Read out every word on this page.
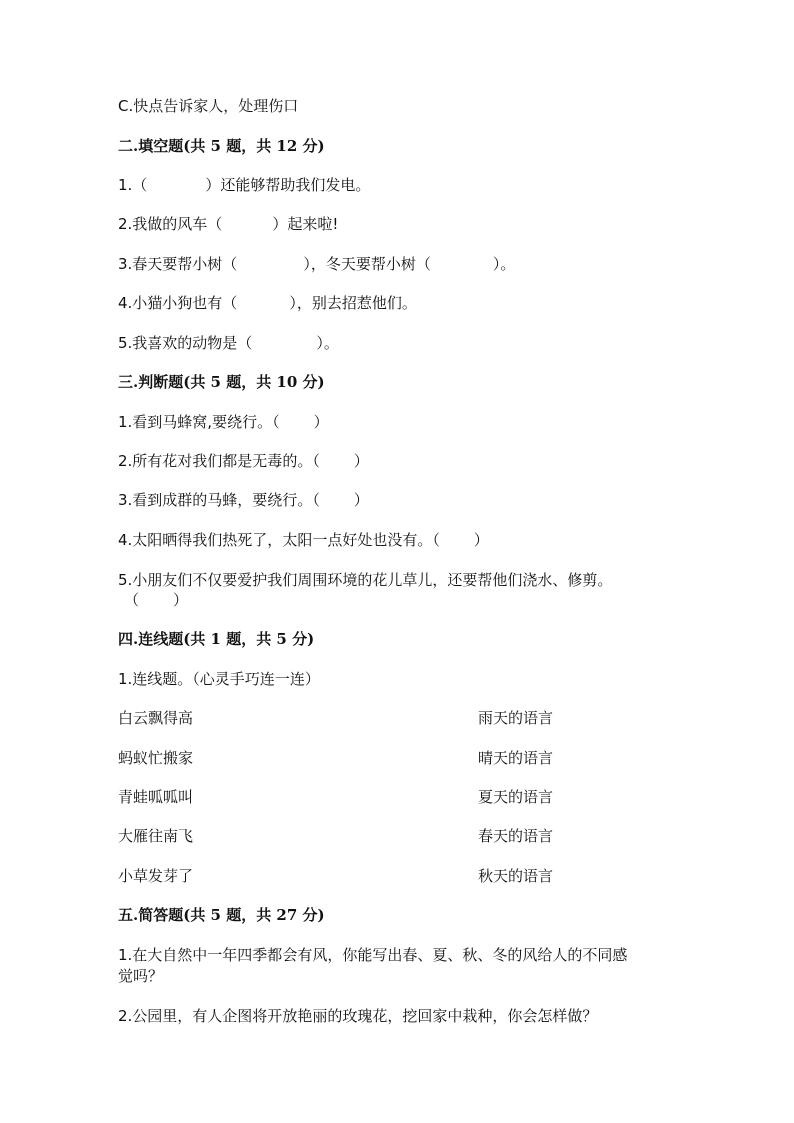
C.快点告诉家人，处理伤口
二.填空题(共 5 题，共 12 分)
1.（	）还能够帮助我们发电。
2.我做的风车（	）起来啦!
3.春天要帮小树（	），冬天要帮小树（	）。
4.小猫小狗也有（	），别去招惹他们。
5.我喜欢的动物是（	）。
三.判断题(共 5 题，共 10 分)
1.看到马蜂窝,要绕行。（ ）
2.所有花对我们都是无毒的。（ ）
3.看到成群的马蜂，要绕行。（ ）
4.太阳晒得我们热死了，太阳一点好处也没有。（ ）
5.小朋友们不仅要爱护我们周围环境的花儿草儿，还要帮他们浇水、修剪。
（ ）
四.连线题(共 1 题，共 5 分)
1.连线题。（心灵手巧连一连）
白云飘得高	雨天的语言
蚂蚁忙搬家	晴天的语言
青蛙呱呱叫	夏天的语言
大雁往南飞	春天的语言
小草发芽了	秋天的语言
五.简答题(共 5 题，共 27 分)
1.在大自然中一年四季都会有风，你能写出春、夏、秋、冬的风给人的不同感
觉吗？
2.公园里，有人企图将开放艳丽的玫瑰花，挖回家中栽种，你会怎样做？
